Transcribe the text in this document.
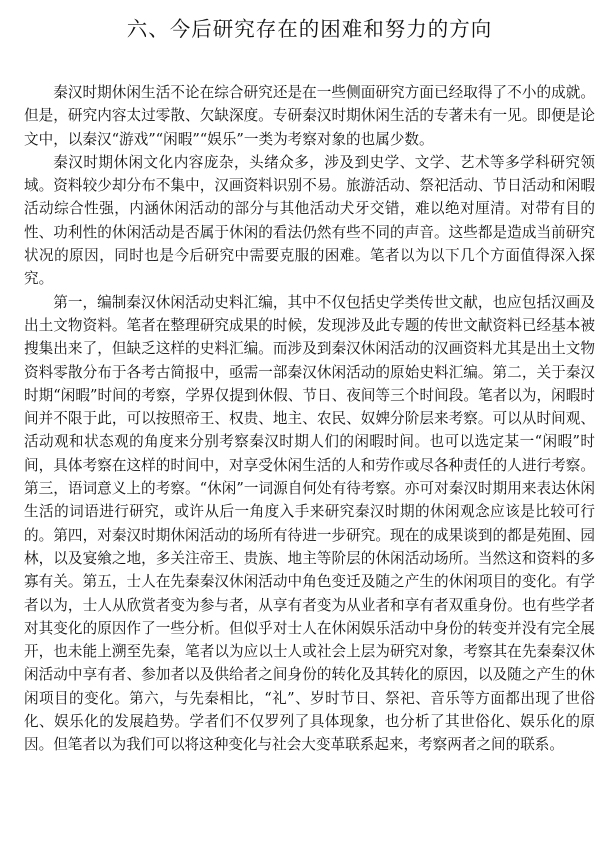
六、今后研究存在的困难和努力的方向

秦汉时期休闲生活不论在综合研究还是在一些侧面研究方面已经取得了不小的成就。但是，研究内容太过零散、欠缺深度。专研秦汉时期休闲生活的专著未有一见。即便是论文中，以秦汉“游戏”“闲暇”“娱乐”一类为考察对象的也属少数。

秦汉时期休闲文化内容庞杂，头绪众多，涉及到史学、文学、艺术等多学科研究领域。资料较少却分布不集中，汉画资料识别不易。旅游活动、祭祀活动、节日活动和闲暇活动综合性强，内涵休闲活动的部分与其他活动犬牙交错，难以绝对厘清。对带有目的性、功利性的休闲活动是否属于休闲的看法仍然有些不同的声音。这些都是造成当前研究状况的原因，同时也是今后研究中需要克服的困难。笔者以为以下几个方面值得深入探究。

第一，编制秦汉休闲活动史料汇编，其中不仅包括史学类传世文献，也应包括汉画及出土文物资料。笔者在整理研究成果的时候，发现涉及此专题的传世文献资料已经基本被搜集出来了，但缺乏这样的史料汇编。而涉及到秦汉休闲活动的汉画资料尤其是出土文物资料零散分布于各考古简报中，亟需一部秦汉休闲活动的原始史料汇编。第二，关于秦汉时期“闲暇”时间的考察，学界仅提到休假、节日、夜间等三个时间段。笔者以为，闲暇时间并不限于此，可以按照帝王、权贵、地主、农民、奴婢分阶层来考察。可以从时间观、活动观和状态观的角度来分别考察秦汉时期人们的闲暇时间。也可以选定某一“闲暇”时间，具体考察在这样的时间中，对享受休闲生活的人和劳作或尽各种责任的人进行考察。第三，语词意义上的考察。“休闲”一词源自何处有待考察。亦可对秦汉时期用来表达休闲生活的词语进行研究，或许从后一角度入手来研究秦汉时期的休闲观念应该是比较可行的。第四，对秦汉时期休闲活动的场所有待进一步研究。现在的成果谈到的都是苑囿、园林，以及宴飨之地，多关注帝王、贵族、地主等阶层的休闲活动场所。当然这和资料的多寡有关。第五，士人在先秦秦汉休闲活动中角色变迁及随之产生的休闲项目的变化。有学者以为，士人从欣赏者变为参与者，从享有者变为从业者和享有者双重身份。也有些学者对其变化的原因作了一些分析。但似乎对士人在休闲娱乐活动中身份的转变并没有完全展开，也未能上溯至先秦，笔者以为应以士人或社会上层为研究对象，考察其在先秦秦汉休闲活动中享有者、参加者以及供给者之间身份的转化及其转化的原因，以及随之产生的休闲项目的变化。第六，与先秦相比，“礼”、岁时节日、祭祀、音乐等方面都出现了世俗化、娱乐化的发展趋势。学者们不仅罗列了具体现象，也分析了其世俗化、娱乐化的原因。但笔者以为我们可以将这种变化与社会大变革联系起来，考察两者之间的联系。
